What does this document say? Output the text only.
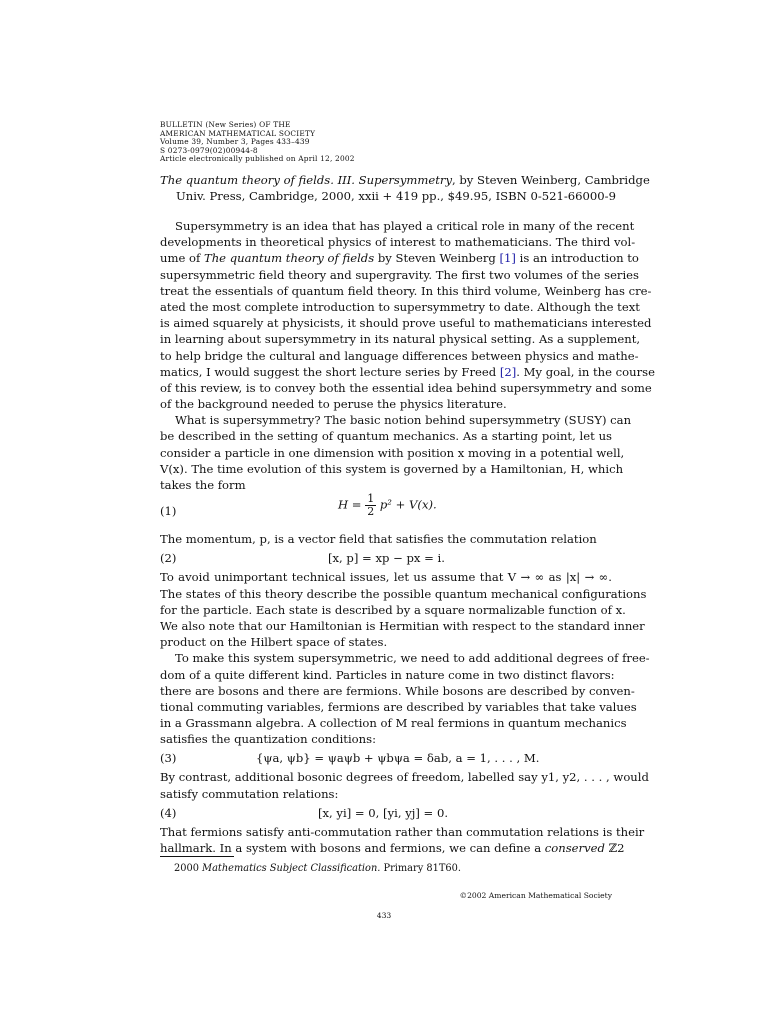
BULLETIN (New Series) OF THE
AMERICAN MATHEMATICAL SOCIETY
Volume 39, Number 3, Pages 433–439
S 0273-0979(02)00944-8
Article electronically published on April 12, 2002
The quantum theory of fields. III. Supersymmetry, by Steven Weinberg, Cambridge
Univ. Press, Cambridge, 2000, xxii + 419 pp., $49.95, ISBN 0-521-66000-9
Supersymmetry is an idea that has played a critical role in many of the recent
developments in theoretical physics of interest to mathematicians. The third vol-
ume of The quantum theory of fields by Steven Weinberg [1] is an introduction to
supersymmetric field theory and supergravity. The first two volumes of the series
treat the essentials of quantum field theory. In this third volume, Weinberg has cre-
ated the most complete introduction to supersymmetry to date. Although the text
is aimed squarely at physicists, it should prove useful to mathematicians interested
in learning about supersymmetry in its natural physical setting. As a supplement,
to help bridge the cultural and language differences between physics and mathe-
matics, I would suggest the short lecture series by Freed [2]. My goal, in the course
of this review, is to convey both the essential idea behind supersymmetry and some
of the background needed to peruse the physics literature.
What is supersymmetry? The basic notion behind supersymmetry (SUSY) can
be described in the setting of quantum mechanics. As a starting point, let us
consider a particle in one dimension with position x moving in a potential well,
V(x). The time evolution of this system is governed by a Hamiltonian, H, which
takes the form
(1)	$H = \frac{1}{2} p^2 + V(x)$.
The momentum, p, is a vector field that satisfies the commutation relation
(2)	[x, p] = xp − px = i.
To avoid unimportant technical issues, let us assume that V → ∞ as |x| → ∞.
The states of this theory describe the possible quantum mechanical configurations
for the particle. Each state is described by a square normalizable function of x.
We also note that our Hamiltonian is Hermitian with respect to the standard inner
product on the Hilbert space of states.
To make this system supersymmetric, we need to add additional degrees of free-
dom of a quite different kind. Particles in nature come in two distinct flavors:
there are bosons and there are fermions. While bosons are described by conven-
tional commuting variables, fermions are described by variables that take values
in a Grassmann algebra. A collection of M real fermions in quantum mechanics
satisfies the quantization conditions:
(3)	{ψa, ψb} = ψaψb + ψbψa = δab, a = 1, . . . , M.
By contrast, additional bosonic degrees of freedom, labelled say y1, y2, . . . , would
satisfy commutation relations:
(4)	[x, yi] = 0, [yi, yj] = 0.
That fermions satisfy anti-commutation rather than commutation relations is their
hallmark. In a system with bosons and fermions, we can define a conserved ℤ2
2000 Mathematics Subject Classification. Primary 81T60.
©2002 American Mathematical Society
433
